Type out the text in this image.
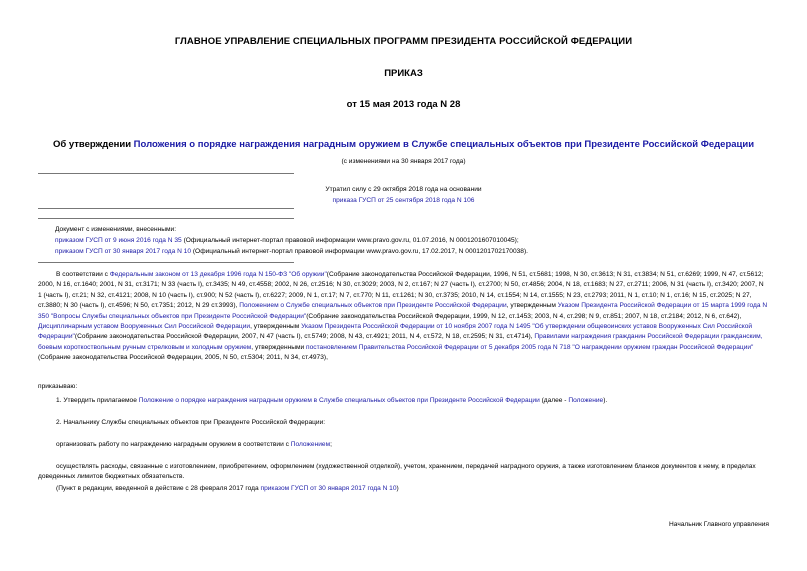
ГЛАВНОЕ УПРАВЛЕНИЕ СПЕЦИАЛЬНЫХ ПРОГРАММ ПРЕЗИДЕНТА РОССИЙСКОЙ ФЕДЕРАЦИИ
ПРИКАЗ
от 15 мая 2013 года N 28
Об утверждении Положения о порядке награждения наградным оружием в Службе специальных объектов при Президенте Российской Федерации
(с изменениями на 30 января 2017 года)
Утратил силу с 29 октября 2018 года на основании
приказа ГУСП от 25 сентября 2018 года N 106
Документ с изменениями, внесенными:
приказом ГУСП от 9 июня 2016 года N 35 (Официальный интернет-портал правовой информации www.pravo.gov.ru, 01.07.2016, N 0001201607010045);
приказом ГУСП от 30 января 2017 года N 10 (Официальный интернет-портал правовой информации www.pravo.gov.ru, 17.02.2017, N 0001201702170038).
В соответствии с Федеральным законом от 13 декабря 1996 года N 150-ФЗ "Об оружии"(Собрание законодательства Российской Федерации, 1996, N 51, ст.5681; 1998, N 30, ст.3613; N 31, ст.3834; N 51, ст.6269; 1999, N 47, ст.5612; 2000, N 16, ст.1640; 2001, N 31, ст.3171; N 33 (часть I), ст.3435; N 49, ст.4558; 2002, N 26, ст.2516; N 30, ст.3029; 2003, N 2, ст.167; N 27 (часть I), ст.2700; N 50, ст.4856; 2004, N 18, ст.1683; N 27, ст.2711; 2006, N 31 (часть I), ст.3420; 2007, N 1 (часть I), ст.21; N 32, ст.4121; 2008, N 10 (часть I), ст.900; N 52 (часть I), ст.6227; 2009, N 1, ст.17; N 7, ст.770; N 11, ст.1261; N 30, ст.3735; 2010, N 14, ст.1554; N 14, ст.1555; N 23, ст.2793; 2011, N 1, ст.10; N 1, ст.16; N 15, ст.2025; N 27, ст.3880; N 30 (часть I), ст.4596; N 50, ст.7351; 2012, N 29 ст.3993), Положением о Службе специальных объектов при Президенте Российской Федерации, утвержденным Указом Президента Российской Федерации от 15 марта 1999 года N 350 "Вопросы Службы специальных объектов при Президенте Российской Федерации"(Собрание законодательства Российской Федерации, 1999, N 12, ст.1453; 2003, N 4, ст.298; N 9, ст.851; 2007, N 18, ст.2184; 2012, N 6, ст.642), Дисциплинарным уставом Вооруженных Сил Российской Федерации, утвержденным Указом Президента Российской Федерации от 10 ноября 2007 года N 1495 "Об утверждении общевоинских уставов Вооруженных Сил Российской Федерации"(Собрание законодательства Российской Федерации, 2007, N 47 (часть I), ст.5749; 2008, N 43, ст.4921; 2011, N 4, ст.572, N 18, ст.2595; N 31, ст.4714), Правилами награждения гражданин Российской Федерации гражданским, боевым короткоствольным ручным стрелковым и холодным оружием, утвержденными постановлением Правительства Российской Федерации от 5 декабря 2005 года N 718 "О награждении оружием граждан Российской Федерации"(Собрание законодательства Российской Федерации, 2005, N 50, ст.5304; 2011, N 34, ст.4973),
приказываю:
1. Утвердить прилагаемое Положение о порядке награждения наградным оружием в Службе специальных объектов при Президенте Российской Федерации (далее - Положение).
2. Начальнику Службы специальных объектов при Президенте Российской Федерации:
организовать работу по награждению наградным оружием в соответствии с Положением;
осуществлять расходы, связанные с изготовлением, приобретением, оформлением (художественной отделкой), учетом, хранением, передачей наградного оружия, а также изготовлением бланков документов к нему, в пределах доведенных лимитов бюджетных обязательств.
(Пункт в редакции, введенной в действие с 28 февраля 2017 года приказом ГУСП от 30 января 2017 года N 10)
Начальник Главного управления
